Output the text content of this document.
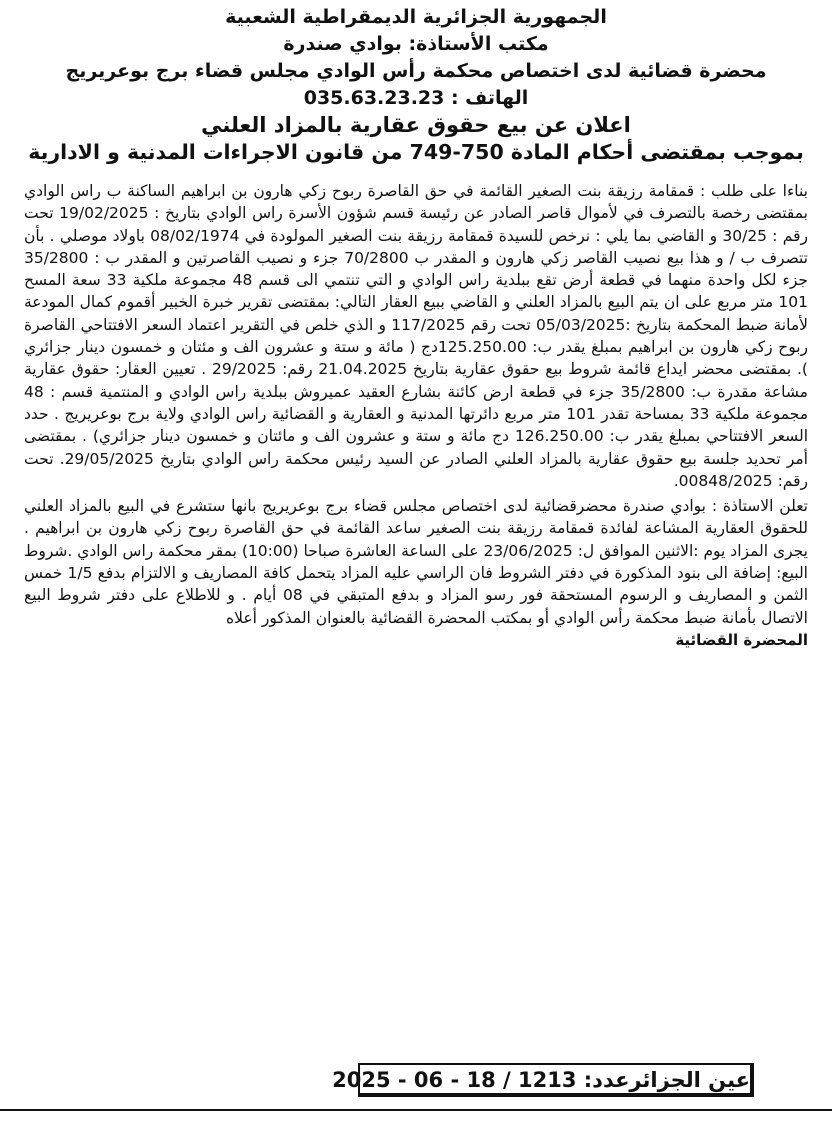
الجمهورية الجزائرية الديمقراطية الشعبية
مكتب الأستاذة: بوادي صندرة
محضرة قضائية لدى اختصاص محكمة رأس الوادي مجلس قضاء برج بوعريريج
الهاتف : 035.63.23.23
اعلان عن بيع حقوق عقارية بالمزاد العلني
بموجب بمقتضى أحكام المادة 750-749 من قانون الاجراءات المدنية و الادارية

بناءا على طلب : قمقامة رزيقة بنت الصغير القائمة في حق القاصرة ربوح زكي هارون بن ابراهيم الساكنة ب راس الوادي بمقتضى رخصة بالتصرف في لأموال قاصر الصادر عن رئيسة قسم شؤون الأسرة راس الوادي بتاريخ : 19/02/2025 تحت رقم : 30/25 و القاضي بما يلي : نرخص للسيدة قمقامة رزيقة بنت الصغير المولودة في 08/02/1974 باولاد موصلي . بأن تتصرف ب / و هذا بيع نصيب القاصر زكي هارون و المقدر ب 70/2800 جزء و نصيب القاصرتين و المقدر ب : 35/2800 جزء لكل واحدة منهما في قطعة أرض تقع ببلدية راس الوادي و التي تنتمي الى قسم 48 مجموعة ملكية 33 سعة المسح 101 متر مربع على ان يتم البيع بالمزاد العلني و القاضي ببيع العقار التالي: بمقتضى تقرير خبرة الخبير أقموم كمال المودعة لأمانة ضبط المحكمة بتاريخ :05/03/2025 تحت رقم 117/2025 و الذي خلص في التقرير اعتماد السعر الافتتاحي القاصرة ربوح زكي هارون بن ابراهيم بمبلغ يقدر ب: 125.250.00دج ( مائة و ستة و عشرون الف و مئتان و خمسون دينار جزائري ). بمقتضى محضر ايداع قائمة شروط بيع حقوق عقارية بتاريخ 21.04.2025 رقم: 29/2025 . تعيين العقار: حقوق عقارية مشاعة مقدرة ب: 35/2800 جزء في قطعة ارض كائنة بشارع العقيد عميروش ببلدية راس الوادي و المنتمية قسم : 48 مجموعة ملكية 33 بمساحة تقدر 101 متر مربع دائرتها المدنية و العقارية و القضائية راس الوادي ولاية برج بوعريريج . حدد السعر الافتتاحي بمبلغ يقدر ب: 126.250.00 دج مائة و ستة و عشرون الف و مائتان و خمسون دينار جزائري) . بمقتضى أمر تحديد جلسة بيع حقوق عقارية بالمزاد العلني الصادر عن السيد رئيس محكمة راس الوادي بتاريخ 29/05/2025. تحت رقم: 00848/2025.

تعلن الاستاذة : بوادي صندرة محضرقضائية لدى اختصاص مجلس قضاء برج بوعريريج بانها ستشرع في البيع بالمزاد العلني للحقوق العقارية المشاعة لفائدة قمقامة رزيقة بنت الصغير ساعد القائمة في حق القاصرة ربوح زكي هارون بن ابراهيم . يجرى المزاد يوم :الاثنين الموافق ل: 23/06/2025 على الساعة العاشرة صباحا (10:00) بمقر محكمة راس الوادي .شروط البيع: إضافة الى بنود المذكورة في دفتر الشروط فان الراسي عليه المزاد يتحمل كافة المصاريف و الالتزام بدفع 1/5 خمس الثمن و المصاريف و الرسوم المستحقة فور رسو المزاد و بدفع المتبقي في 08 أيام . و للاطلاع على دفتر شروط البيع الاتصال بأمانة ضبط محكمة رأس الوادي أو بمكتب المحضرة القضائية بالعنوان المذكور أعلاه

المحضرة القضائية
عين الجزائرعدد: 1213 / 18 - 06 - 2025
